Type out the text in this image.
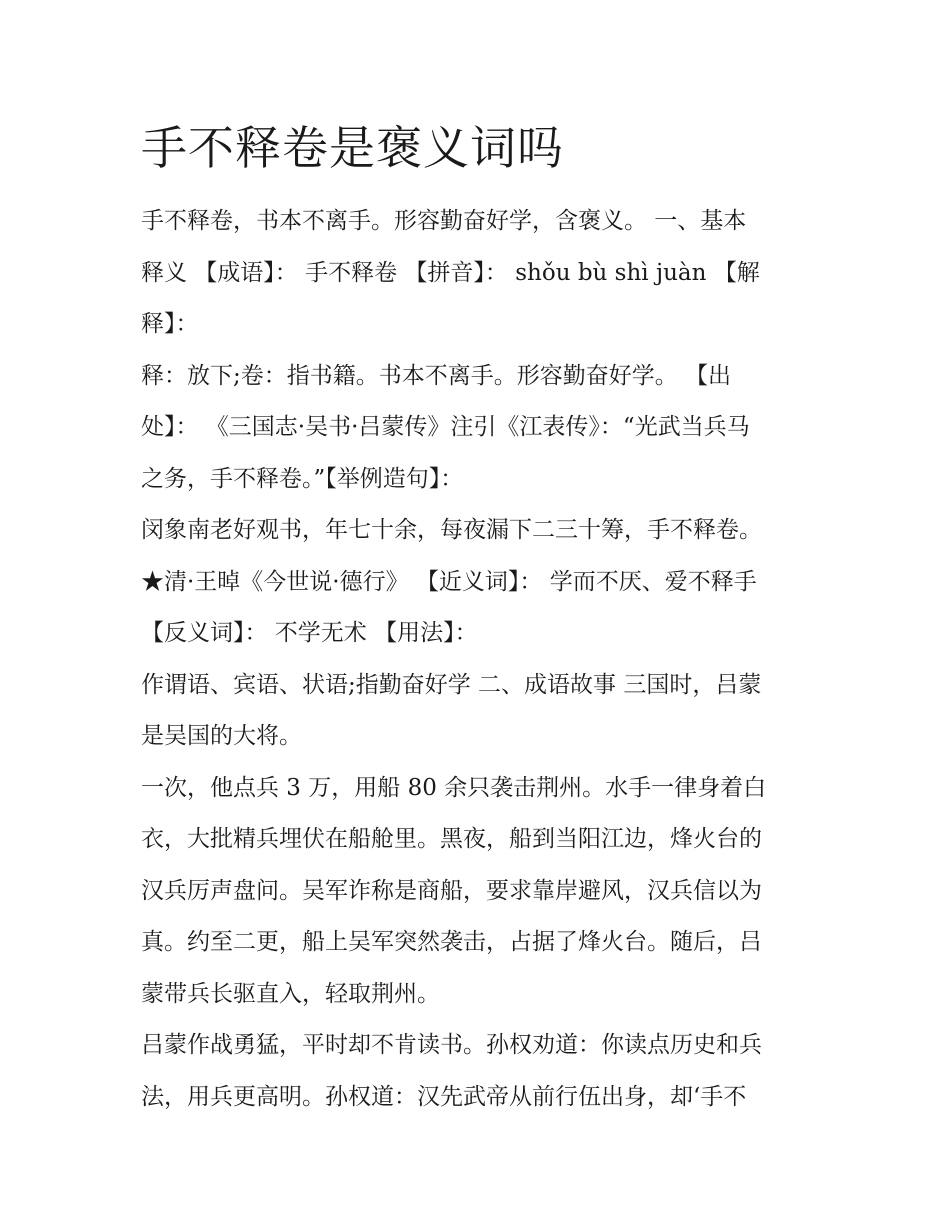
手不释卷是褒义词吗

手不释卷，书本不离手。形容勤奋好学，含褒义。 一、基本
释义 【成语】： 手不释卷 【拼音】： shǒu bù shì juàn 【解
释】：

释：放下;卷：指书籍。书本不离手。形容勤奋好学。 【出
处】： 《三国志·吴书·吕蒙传》注引《江表传》：“光武当兵马
之务，手不释卷。”【举例造句】：

闵象南老好观书，年七十余，每夜漏下二三十筹，手不释卷。
★清·王晫《今世说·德行》 【近义词】： 学而不厌、爱不释手
【反义词】： 不学无术 【用法】：

作谓语、宾语、状语;指勤奋好学 二、成语故事 三国时，吕蒙
是吴国的大将。

一次，他点兵 3 万，用船 80 余只袭击荆州。水手一律身着白
衣，大批精兵埋伏在船舱里。黑夜，船到当阳江边，烽火台的
汉兵厉声盘问。吴军诈称是商船，要求靠岸避风，汉兵信以为
真。约至二更，船上吴军突然袭击，占据了烽火台。随后，吕
蒙带兵长驱直入，轻取荆州。

吕蒙作战勇猛，平时却不肯读书。孙权劝道：你读点历史和兵
法，用兵更高明。孙权道：汉先武帝从前行伍出身，却‘手不
